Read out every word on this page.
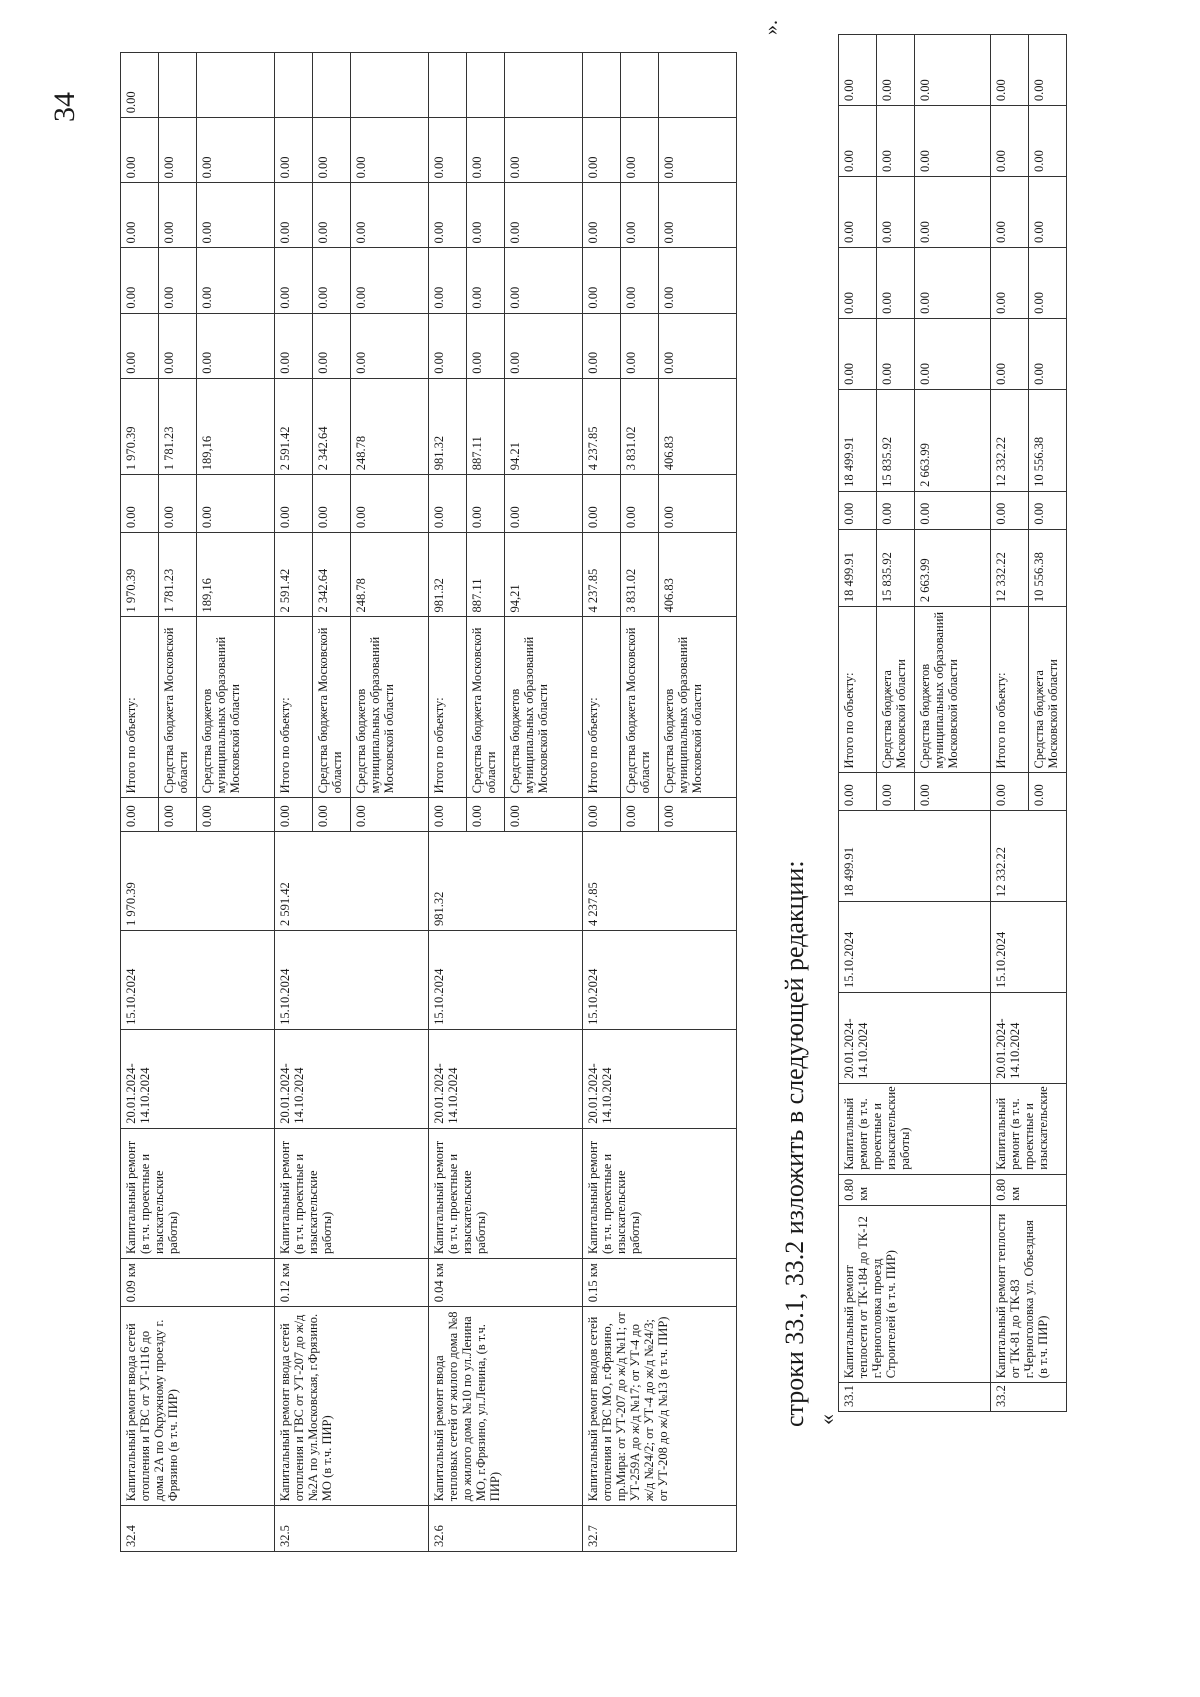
34
32.4	Капитальный ремонт ввода сетей отопления и ГВС от УТ-1116 до дома 2А по Окружному проезду г. Фрязино (в т.ч. ПИР)	0.09 км	Капитальный ремонт (в т.ч. проектные и изыскательские работы)	20.01.2024-14.10.2024	15.10.2024	1 970.39	0.00	Итого по объекту:	1 970.39	0.00	1 970.39	0.00	0.00	0.00	0.00	0.00
							0.00	Средства бюджета Московской области	1 781.23	0.00	1 781.23	0.00	0.00	0.00	0.00	
							0.00	Средства бюджетов муниципальных образований Московской области	189,16	0.00	189,16	0.00	0.00	0.00	0.00	
32.5	Капитальный ремонт ввода сетей отопления и ГВС от УТ-207 до ж/д №2А по ул.Московская, г.Фрязино. МО (в т.ч. ПИР)	0.12 км	Капитальный ремонт (в т.ч. проектные и изыскательские работы)	20.01.2024-14.10.2024	15.10.2024	2 591.42	0.00	Итого по объекту:	2 591.42	0.00	2 591.42	0.00	0.00	0.00	0.00	
							0.00	Средства бюджета Московской области	2 342.64	0.00	2 342.64	0.00	0.00	0.00	0.00	
							0.00	Средства бюджетов муниципальных образований Московской области	248.78	0.00	248.78	0.00	0.00	0.00	0.00	
32.6	Капитальный ремонт ввода тепловых сетей от жилого дома №8 до жилого дома №10 по ул.Ленина МО, г.Фрязино, ул.Ленина, (в т.ч. ПИР)	0.04 км	Капитальный ремонт (в т.ч. проектные и изыскательские работы)	20.01.2024-14.10.2024	15.10.2024	981.32	0.00	Итого по объекту:	981.32	0.00	981.32	0.00	0.00	0.00	0.00	
							0.00	Средства бюджета Московской области	887.11	0.00	887.11	0.00	0.00	0.00	0.00	
							0.00	Средства бюджетов муниципальных образований Московской области	94,21	0.00	94.21	0.00	0.00	0.00	0.00	
32.7	Капитальный ремонт вводов сетей отопления и ГВС МО, г.Фрязино, пр.Мира: от УТ-207 до ж/д №11; от УТ-259А до ж/д №17; от УТ-4 до ж/д №24/2; от УТ-4 до ж/д №24/3; от УТ-208 до ж/д №13 (в т.ч. ПИР)	0.15 км	Капитальный ремонт (в т.ч. проектные и изыскательские работы)	20.01.2024-14.10.2024	15.10.2024	4 237.85	0.00	Итого по объекту:	4 237.85	0.00	4 237.85	0.00	0.00	0.00	0.00	
							0.00	Средства бюджета Московской области	3 831.02	0.00	3 831.02	0.00	0.00	0.00	0.00	
							0.00	Средства бюджетов муниципальных образований Московской области	406.83	0.00	406.83	0.00	0.00	0.00	0.00	
строки 33.1, 33.2 изложить в следующей редакции: «
33.1	Капитальный ремонт теплосети от ТК-184 до ТК-12 г.Черноголовка проезд Строителей (в т.ч. ПИР)	0.80 км	Капитальный ремонт (в т.ч. проектные и изыскательские работы)	20.01.2024-14.10.2024	15.10.2024	18 499.91	0.00	Итого по объекту:	18 499.91	0.00	18 499.91	0.00	0.00	0.00	0.00	0.00
							0.00	Средства бюджета Московской области	15 835.92	0.00	15 835.92	0.00	0.00	0.00	0.00	0.00
							0.00	Средства бюджетов муниципальных образований Московской области	2 663.99	0.00	2 663.99	0.00	0.00	0.00	0.00	0.00
33.2	Капитальный ремонт теплости от ТК-81 до ТК-83 г.Черноголовка ул. Объездная (в т.ч. ПИР)	0.80 км	Капитальный ремонт (в т.ч. проектные и изыскательские	20.01.2024-14.10.2024	15.10.2024	12 332.22	0.00	Итого по объекту:	12 332.22	0.00	12 332.22	0.00	0.00	0.00	0.00	0.00
							0.00	Средства бюджета Московской области	10 556.38	0.00	10 556.38	0.00	0.00	0.00	0.00	0.00
».
